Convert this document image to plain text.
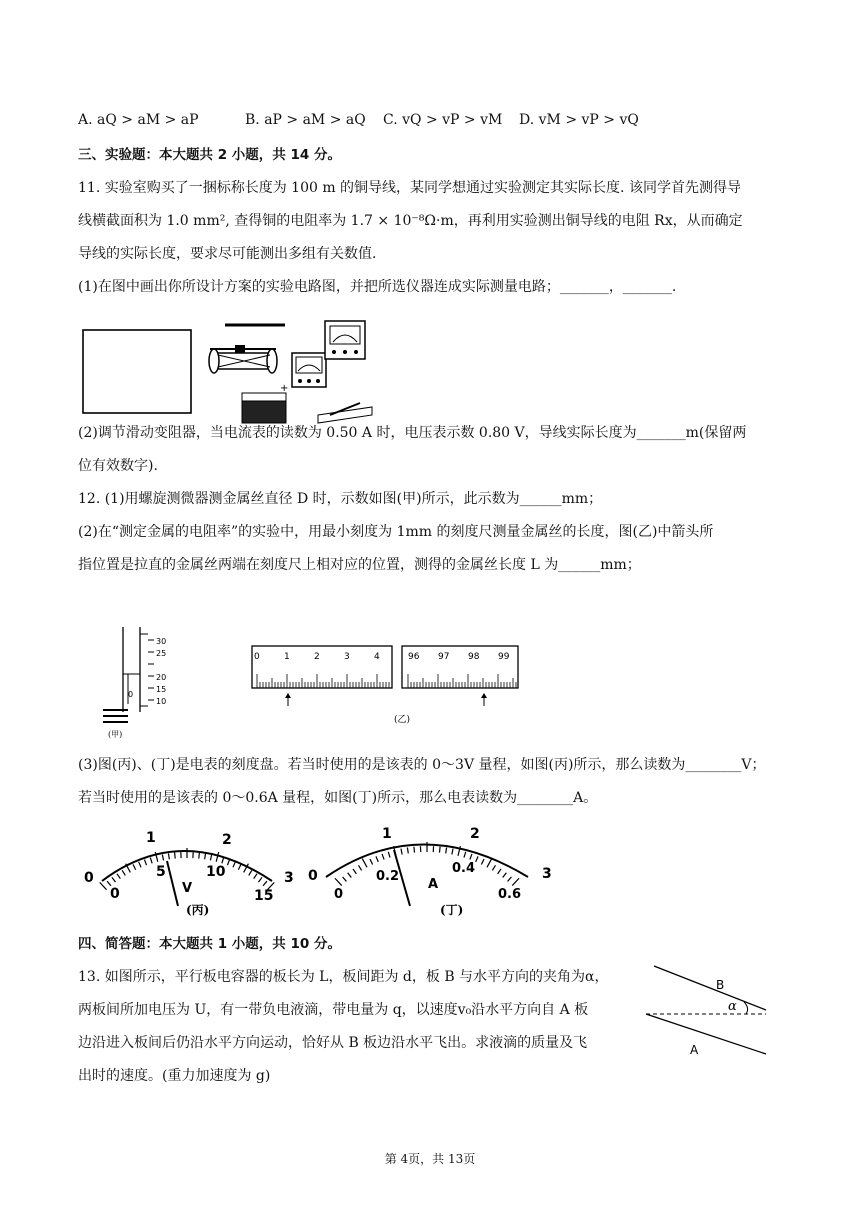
A. aQ > aM > aP	B. aP > aM > aQ C. vQ > vP > vM D. vM > vP > vQ
三、实验题：本大题共 2 小题，共 14 分。
11. 实验室购买了一捆标称长度为 100 m 的铜导线，某同学想通过实验测定其实际长度. 该同学首先测得导
线横截面积为 1.0 mm², 查得铜的电阻率为 1.7 × 10⁻⁸Ω·m，再利用实验测出铜导线的电阻 Rx，从而确定
导线的实际长度，要求尽可能测出多组有关数值.
(1)在图中画出你所设计方案的实验电路图，并把所选仪器连成实际测量电路；_______，_______.
+
(2)调节滑动变阻器，当电流表的读数为 0.50 A 时，电压表示数 0.80 V，导线实际长度为_______m(保留两
位有效数字).
12. (1)用螺旋测微器测金属丝直径 D 时，示数如图(甲)所示，此示数为______mm；
(2)在“测定金属的电阻率”的实验中，用最小刻度为 1mm 的刻度尺测量金属丝的长度，图(乙)中箭头所
指位置是拉直的金属丝两端在刻度尺上相对应的位置，测得的金属丝长度 L 为______mm；
0
30
25
20
15
10
(甲)
0	1	2	3	4	96 97 98 99
(乙)
(3)图(丙)、(丁)是电表的刻度盘。若当时使用的是该表的 0～3V 量程，如图(丙)所示，那么读数为________V；
若当时使用的是该表的 0～0.6A 量程，如图(丁)所示，那么电表读数为________A。
0
1	2
3
0
5	10
15
V
(丙)
0
1	2
3
0
0.2
0.4
0.6
A
(丁)
四、简答题：本大题共 1 小题，共 10 分。
13. 如图所示，平行板电容器的板长为 L，板间距为 d，板 B 与水平方向的夹角为α，
两板间所加电压为 U，有一带负电液滴，带电量为 q，以速度v₀沿水平方向自 A 板
边沿进入板间后仍沿水平方向运动，恰好从 B 板边沿水平飞出。求液滴的质量及飞
出时的速度。(重力加速度为 g)
B
α
A
第 4页，共 13页
